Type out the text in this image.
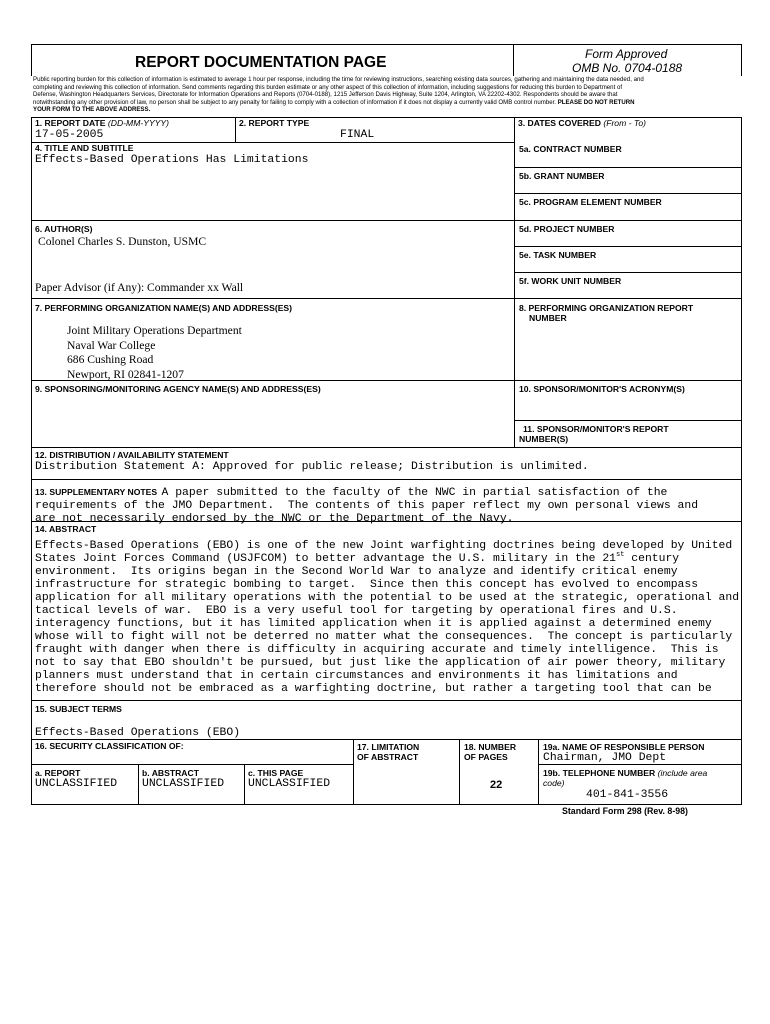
REPORT DOCUMENTATION PAGE	Form Approved
OMB No. 0704-0188
Public reporting burden for this collection of information is estimated to average 1 hour per response, including the time for reviewing instructions, searching existing data sources, gathering and maintaining the data needed, and
completing and reviewing this collection of information. Send comments regarding this burden estimate or any other aspect of this collection of information, including suggestions for reducing this burden to Department of
Defense, Washington Headquarters Services, Directorate for Information Operations and Reports (0704-0188), 1215 Jefferson Davis Highway, Suite 1204, Arlington, VA 22202-4302. Respondents should be aware that
notwithstanding any other provision of law, no person shall be subject to any penalty for failing to comply with a collection of information if it does not display a currently valid OMB control number. PLEASE DO NOT RETURN
YOUR FORM TO THE ABOVE ADDRESS.
1. REPORT DATE (DD-MM-YYYY)
17-05-2005
2. REPORT TYPE
FINAL
3. DATES COVERED (From - To)
4. TITLE AND SUBTITLE
Effects-Based Operations Has Limitations
5a. CONTRACT NUMBER
5b. GRANT NUMBER
5c. PROGRAM ELEMENT NUMBER
6. AUTHOR(S)
Colonel Charles S. Dunston, USMC
Paper Advisor (if Any): Commander xx Wall
5d. PROJECT NUMBER
5e. TASK NUMBER
5f. WORK UNIT NUMBER
7. PERFORMING ORGANIZATION NAME(S) AND ADDRESS(ES)
Joint Military Operations Department
Naval War College
686 Cushing Road
Newport, RI 02841-1207
8. PERFORMING ORGANIZATION REPORT
NUMBER
9. SPONSORING/MONITORING AGENCY NAME(S) AND ADDRESS(ES)	10. SPONSOR/MONITOR'S ACRONYM(S)
11. SPONSOR/MONITOR'S REPORT
NUMBER(S)
12. DISTRIBUTION / AVAILABILITY STATEMENT
Distribution Statement A: Approved for public release; Distribution is unlimited.
13. SUPPLEMENTARY NOTES A paper submitted to the faculty of the NWC in partial satisfaction of the
requirements of the JMO Department.  The contents of this paper reflect my own personal views and
are not necessarily endorsed by the NWC or the Department of the Navy.
14. ABSTRACT
Effects-Based Operations (EBO) is one of the new Joint warfighting doctrines being developed by United
States Joint Forces Command (USJFCOM) to better advantage the U.S. military in the 21st century
environment.  Its origins began in the Second World War to analyze and identify critical enemy
infrastructure for strategic bombing to target.  Since then this concept has evolved to encompass
application for all military operations with the potential to be used at the strategic, operational and
tactical levels of war.  EBO is a very useful tool for targeting by operational fires and U.S.
interagency functions, but it has limited application when it is applied against a determined enemy
whose will to fight will not be deterred no matter what the consequences.  The concept is particularly
fraught with danger when there is difficulty in acquiring accurate and timely intelligence.  This is
not to say that EBO shouldn't be pursued, but just like the application of air power theory, military
planners must understand that in certain circumstances and environments it has limitations and
therefore should not be embraced as a warfighting doctrine, but rather a targeting tool that can be
15. SUBJECT TERMS
Effects-Based Operations (EBO)
16. SECURITY CLASSIFICATION OF:
a. REPORT
UNCLASSIFIED
b. ABSTRACT
UNCLASSIFIED
c. THIS PAGE
UNCLASSIFIED
17. LIMITATION
OF ABSTRACT
18. NUMBER
OF PAGES
22
19a. NAME OF RESPONSIBLE PERSON
Chairman, JMO Dept
19b. TELEPHONE NUMBER (include area
code)
401-841-3556
Standard Form 298 (Rev. 8-98)
